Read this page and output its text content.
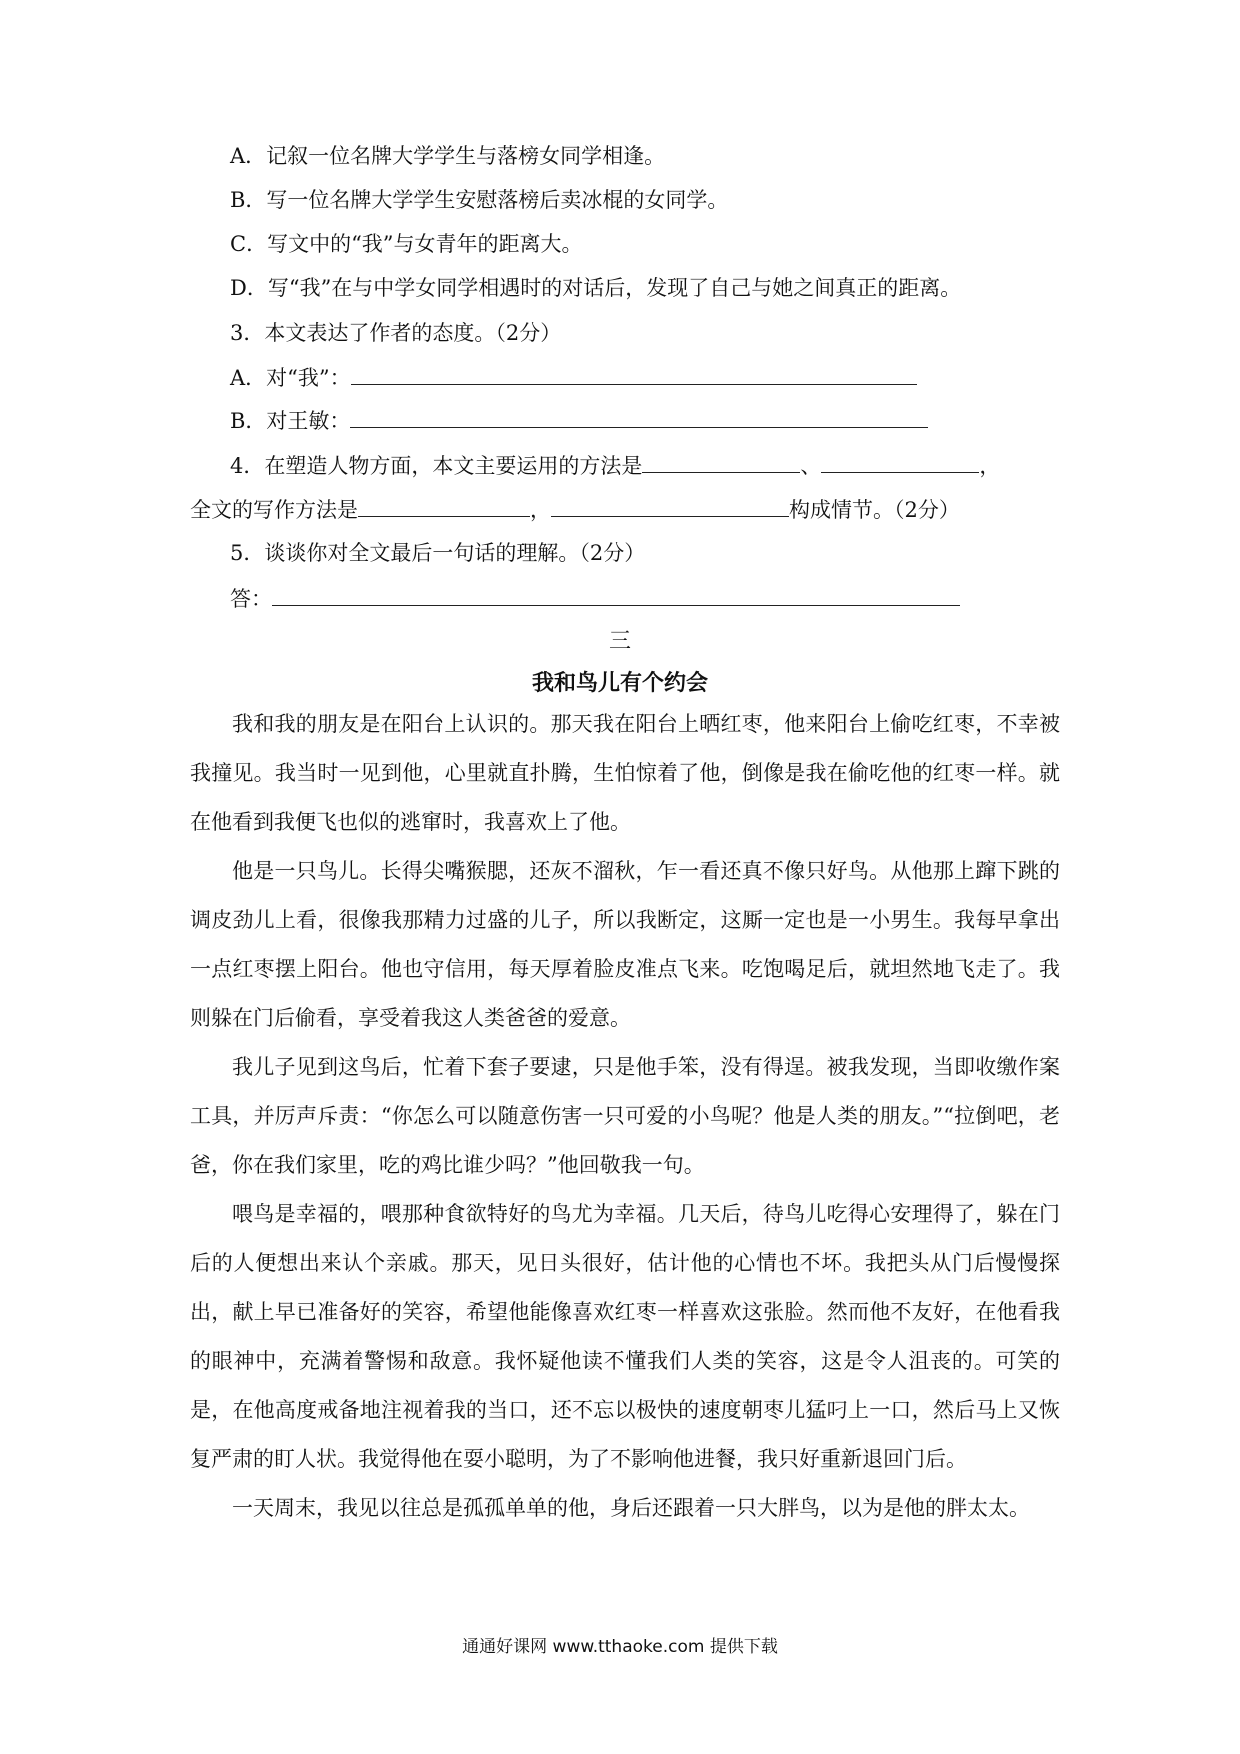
A．记叙一位名牌大学学生与落榜女同学相逢。
B．写一位名牌大学学生安慰落榜后卖冰棍的女同学。
C．写文中的“我”与女青年的距离大。
D．写“我”在与中学女同学相遇时的对话后，发现了自己与她之间真正的距离。
3．本文表达了作者的态度。（2分）
A．对“我”：
B．对王敏：
4．在塑造人物方面，本文主要运用的方法是	、	，
全文的写作方法是	，	构成情节。（2分）
5．谈谈你对全文最后一句话的理解。（2分）
答：
三
我和鸟儿有个约会

我和我的朋友是在阳台上认识的。那天我在阳台上晒红枣，他来阳台上偷吃红枣，不幸被我撞见。我当时一见到他，心里就直扑腾，生怕惊着了他，倒像是我在偷吃他的红枣一样。就在他看到我便飞也似的逃窜时，我喜欢上了他。

他是一只鸟儿。长得尖嘴猴腮，还灰不溜秋，乍一看还真不像只好鸟。从他那上蹿下跳的调皮劲儿上看，很像我那精力过盛的儿子，所以我断定，这厮一定也是一小男生。我每早拿出一点红枣摆上阳台。他也守信用，每天厚着脸皮准点飞来。吃饱喝足后，就坦然地飞走了。我则躲在门后偷看，享受着我这人类爸爸的爱意。

我儿子见到这鸟后，忙着下套子要逮，只是他手笨，没有得逞。被我发现，当即收缴作案工具，并厉声斥责：“你怎么可以随意伤害一只可爱的小鸟呢？他是人类的朋友。”“拉倒吧，老爸，你在我们家里，吃的鸡比谁少吗？”他回敬我一句。

喂鸟是幸福的，喂那种食欲特好的鸟尤为幸福。几天后，待鸟儿吃得心安理得了，躲在门后的人便想出来认个亲戚。那天，见日头很好，估计他的心情也不坏。我把头从门后慢慢探出，献上早已准备好的笑容，希望他能像喜欢红枣一样喜欢这张脸。然而他不友好，在他看我的眼神中，充满着警惕和敌意。我怀疑他读不懂我们人类的笑容，这是令人沮丧的。可笑的是，在他高度戒备地注视着我的当口，还不忘以极快的速度朝枣儿猛叼上一口，然后马上又恢复严肃的盯人状。我觉得他在耍小聪明，为了不影响他进餐，我只好重新退回门后。

一天周末，我见以往总是孤孤单单的他，身后还跟着一只大胖鸟，以为是他的胖太太。

通通好课网 www.tthaoke.com 提供下载
